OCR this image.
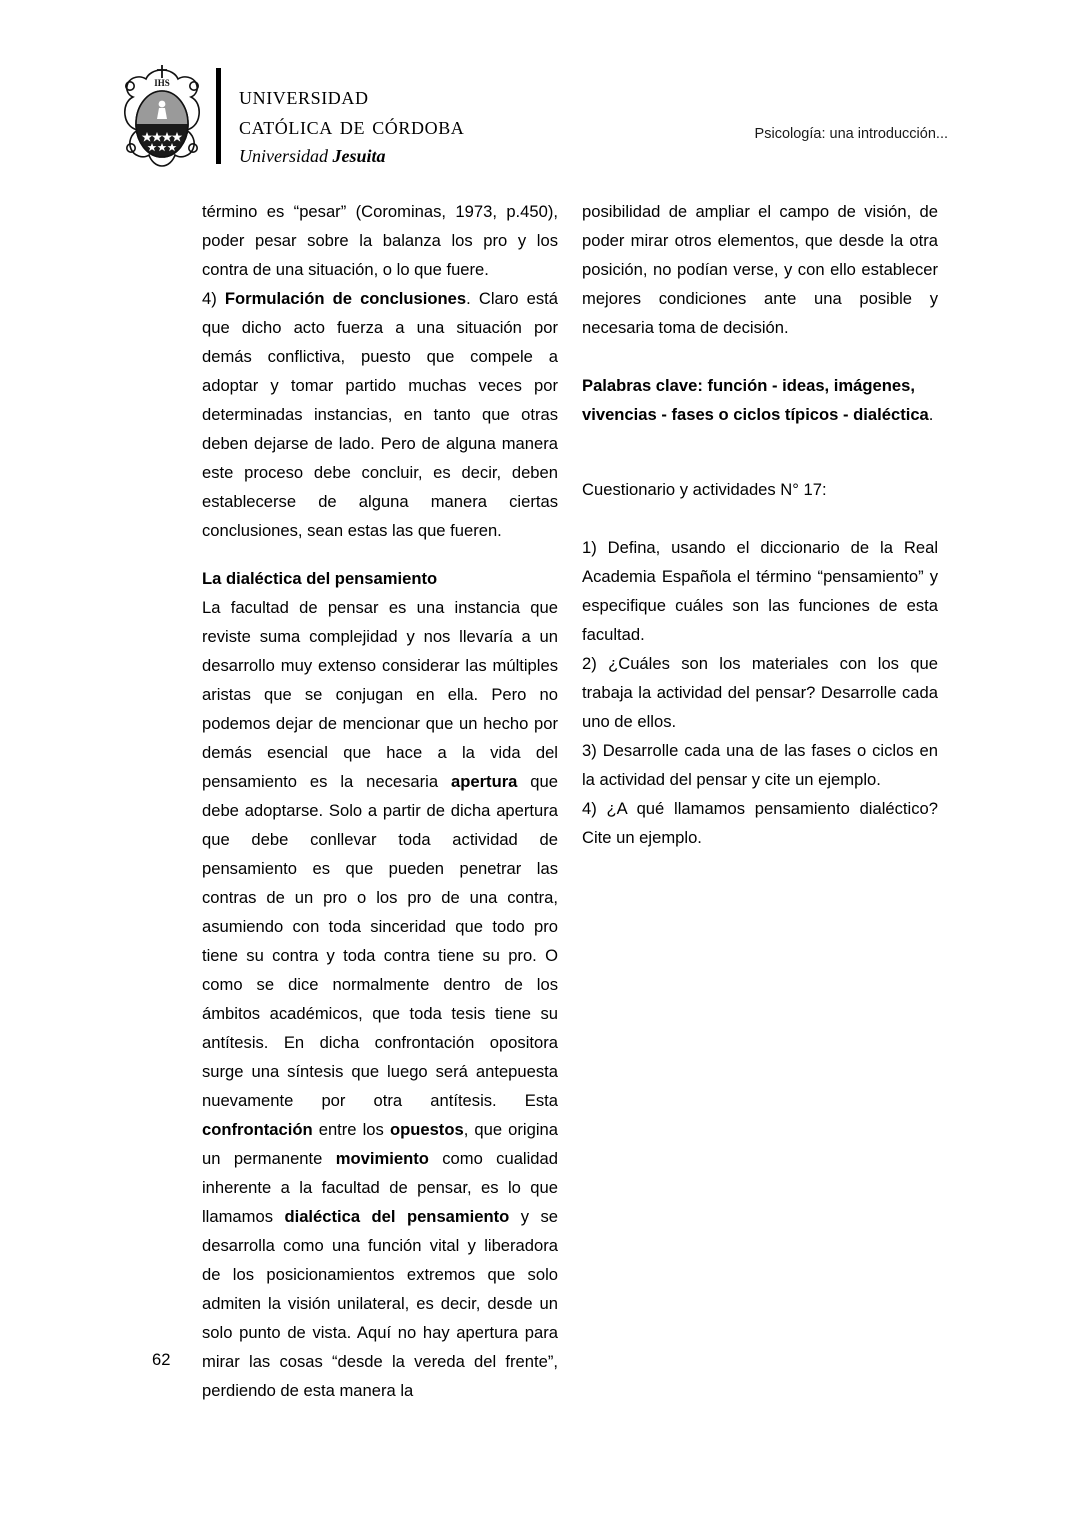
IHS	universidad
católica de córdoba
Universidad Jesuita
Psicología: una introducción...

término es “pesar” (Corominas, 1973, p.450), poder pesar sobre la balanza los pro y los contra de una situación, o lo que fuere.

4) Formulación de conclusiones. Claro está que dicho acto fuerza a una situación por demás conflictiva, puesto que compele a adoptar y tomar partido muchas veces por determinadas instancias, en tanto que otras deben dejarse de lado. Pero de alguna manera este proceso debe concluir, es decir, deben establecerse de alguna manera ciertas conclusiones, sean estas las que fueren.

La dialéctica del pensamiento

La facultad de pensar es una instancia que reviste suma complejidad y nos llevaría a un desarrollo muy extenso considerar las múltiples aristas que se conjugan en ella. Pero no podemos dejar de mencionar que un hecho por demás esencial que hace a la vida del pensamiento es la necesaria apertura que debe adoptarse. Solo a partir de dicha apertura que debe conllevar toda actividad de pensamiento es que pueden penetrar las contras de un pro o los pro de una contra, asumiendo con toda sinceridad que todo pro tiene su contra y toda contra tiene su pro. O como se dice normalmente dentro de los ámbitos académicos, que toda tesis tiene su antítesis. En dicha confrontación opositora surge una síntesis que luego será antepuesta nuevamente por otra antítesis. Esta confrontación entre los opuestos, que origina un permanente movimiento como cualidad inherente a la facultad de pensar, es lo que llamamos dialéctica del pensamiento y se desarrolla como una función vital y liberadora de los posicionamientos extremos que solo admiten la visión unilateral, es decir, desde un solo punto de vista. Aquí no hay apertura para mirar las cosas “desde la vereda del frente”, perdiendo de esta manera la

posibilidad de ampliar el campo de visión, de poder mirar otros elementos, que desde la otra posición, no podían verse, y con ello establecer mejores condiciones ante una posible y necesaria toma de decisión.

Palabras clave: función - ideas, imágenes, vivencias - fases o ciclos típicos - dialéctica.

Cuestionario y actividades N° 17:

1) Defina, usando el diccionario de la Real Academia Española el término “pensamiento” y especifique cuáles son las funciones de esta facultad.

2) ¿Cuáles son los materiales con los que trabaja la actividad del pensar? Desarrolle cada uno de ellos.

3) Desarrolle cada una de las fases o ciclos en la actividad del pensar y cite un ejemplo.

4) ¿A qué llamamos pensamiento dialéctico? Cite un ejemplo.

62
